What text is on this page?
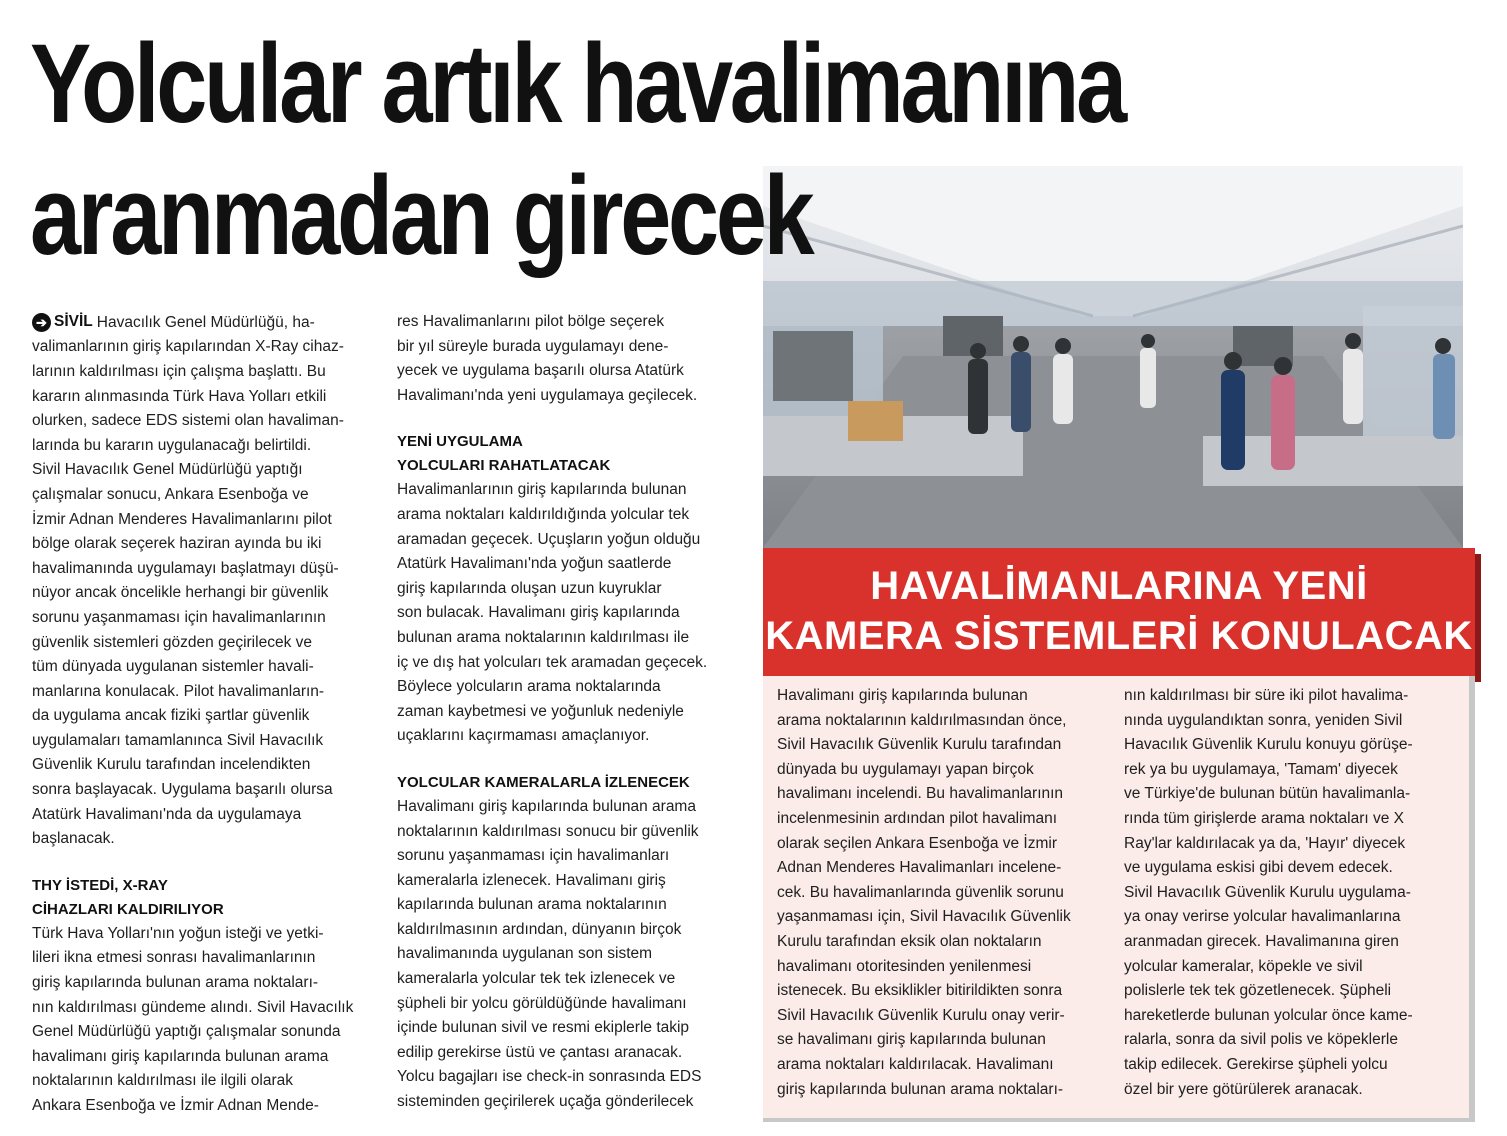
Yolcular artık havalimanına
aranmadan girecek

➔ SİVİL Havacılık Genel Müdürlüğü, ha-

valimanlarının giriş kapılarından X-Ray cihaz-

larının kaldırılması için çalışma başlattı. Bu

kararın alınmasında Türk Hava Yolları etkili

olurken, sadece EDS sistemi olan havaliman-

larında bu kararın uygulanacağı belirtildi.

Sivil Havacılık Genel Müdürlüğü yaptığı

çalışmalar sonucu, Ankara Esenboğa ve

İzmir Adnan Menderes Havalimanlarını pilot

bölge olarak seçerek haziran ayında bu iki

havalimanında uygulamayı başlatmayı düşü-

nüyor ancak öncelikle herhangi bir güvenlik

sorunu yaşanmaması için havalimanlarının

güvenlik sistemleri gözden geçirilecek ve

tüm dünyada uygulanan sistemler havali-

manlarına konulacak. Pilot havalimanların-

da uygulama ancak fiziki şartlar güvenlik

uygulamaları tamamlanınca Sivil Havacılık

Güvenlik Kurulu tarafından incelendikten

sonra başlayacak. Uygulama başarılı olursa

Atatürk Havalimanı'nda da uygulamaya

başlanacak.

THY İSTEDİ, X-RAY

CİHAZLARI KALDIRILIYOR

Türk Hava Yolları'nın yoğun isteği ve yetki-

lileri ikna etmesi sonrası havalimanlarının

giriş kapılarında bulunan arama noktaları-

nın kaldırılması gündeme alındı. Sivil Havacılık

Genel Müdürlüğü yaptığı çalışmalar sonunda

havalimanı giriş kapılarında bulunan arama

noktalarının kaldırılması ile ilgili olarak

Ankara Esenboğa ve İzmir Adnan Mende-

res Havalimanlarını pilot bölge seçerek

bir yıl süreyle burada uygulamayı dene-

yecek ve uygulama başarılı olursa Atatürk

Havalimanı'nda yeni uygulamaya geçilecek.

YENİ UYGULAMA

YOLCULARI RAHATLATACAK

Havalimanlarının giriş kapılarında bulunan

arama noktaları kaldırıldığında yolcular tek

aramadan geçecek. Uçuşların yoğun olduğu

Atatürk Havalimanı'nda yoğun saatlerde

giriş kapılarında oluşan uzun kuyruklar

son bulacak. Havalimanı giriş kapılarında

bulunan arama noktalarının kaldırılması ile

iç ve dış hat yolcuları tek aramadan geçecek.

Böylece yolcuların arama noktalarında

zaman kaybetmesi ve yoğunluk nedeniyle

uçaklarını kaçırmaması amaçlanıyor.

YOLCULAR KAMERALARLA İZLENECEK

Havalimanı giriş kapılarında bulunan arama

noktalarının kaldırılması sonucu bir güvenlik

sorunu yaşanmaması için havalimanları

kameralarla izlenecek. Havalimanı giriş

kapılarında bulunan arama noktalarının

kaldırılmasının ardından, dünyanın birçok

havalimanında uygulanan son sistem

kameralarla yolcular tek tek izlenecek ve

şüpheli bir yolcu görüldüğünde havalimanı

içinde bulunan sivil ve resmi ekiplerle takip

edilip gerekirse üstü ve çantası aranacak.

Yolcu bagajları ise check-in sonrasında EDS

sisteminden geçirilerek uçağa gönderilecek

HAVALİMANLARINA YENİ
KAMERA SİSTEMLERİ KONULACAK

Havalimanı giriş kapılarında bulunan

arama noktalarının kaldırılmasından önce,

Sivil Havacılık Güvenlik Kurulu tarafından

dünyada bu uygulamayı yapan birçok

havalimanı incelendi. Bu havalimanlarının

incelenmesinin ardından pilot havalimanı

olarak seçilen Ankara Esenboğa ve İzmir

Adnan Menderes Havalimanları incelene-

cek. Bu havalimanlarında güvenlik sorunu

yaşanmaması için, Sivil Havacılık Güvenlik

Kurulu tarafından eksik olan noktaların

havalimanı otoritesinden yenilenmesi

istenecek. Bu eksiklikler bitirildikten sonra

Sivil Havacılık Güvenlik Kurulu onay verir-

se havalimanı giriş kapılarında bulunan

arama noktaları kaldırılacak. Havalimanı

giriş kapılarında bulunan arama noktaları-

nın kaldırılması bir süre iki pilot havalima-

nında uygulandıktan sonra, yeniden Sivil

Havacılık Güvenlik Kurulu konuyu görüşe-

rek ya bu uygulamaya, 'Tamam' diyecek

ve Türkiye'de bulunan bütün havalimanla-

rında tüm girişlerde arama noktaları ve X

Ray'lar kaldırılacak ya da, 'Hayır' diyecek

ve uygulama eskisi gibi devem edecek.

Sivil Havacılık Güvenlik Kurulu uygulama-

ya onay verirse yolcular havalimanlarına

aranmadan girecek. Havalimanına giren

yolcular kameralar, köpekle ve sivil

polislerle tek tek gözetlenecek. Şüpheli

hareketlerde bulunan yolcular önce kame-

ralarla, sonra da sivil polis ve köpeklerle

takip edilecek. Gerekirse şüpheli yolcu

özel bir yere götürülerek aranacak.
